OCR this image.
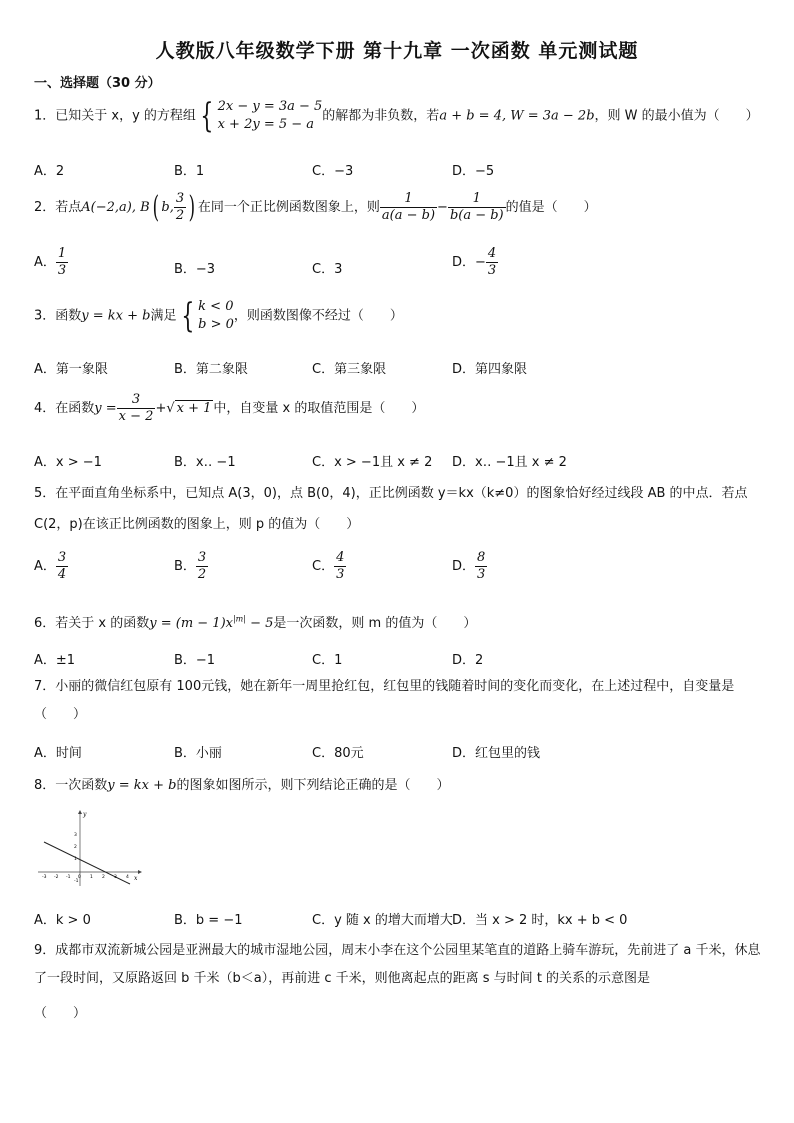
人教版八年级数学下册 第十九章 一次函数 单元测试题
一、选择题（30 分）
1．已知关于 x，y 的方程组 { 2x − y = 3a − 5
x + 2y = 5 − a
的解都为非负数，若a + b = 4, W = 3a − 2b，则 W 的最小值为（　　）
A．2	B．1	C．−3	D．−5
2．若点A(−2,a), B( b, $\frac{3}{2}$ ) 在同一个正比例函数图象上，则 $\frac{1}{a(a - b)} - \frac{1}{b(a - b)}$ 的值是（　　）
A． $\frac{1}{3}$	B．−3	C．3	D．− $\frac{4}{3}$
3．函数y = kx + b满足 { k < 0
b > 0
，则函数图像不经过（　　）
A．第一象限	B．第二象限	C．第三象限	D．第四象限
4．在函数$y = \frac{3}{x - 2}$ +√ x + 1 中，自变量 x 的取值范围是（　　）
A．x > −1	B．x‥ −1	C．x > −1且 x ≠ 2 D．x‥ −1且 x ≠ 2
5．在平面直角坐标系中，已知点 A(3，0)，点 B(0，4)，正比例函数 y＝kx（k≠0）的图象恰好经过线段 AB 的中点．若点
C(2，p)在该正比例函数的图象上，则 p 的值为（　　）
A． $\frac{3}{4}$	B． $\frac{3}{2}$	C． $\frac{4}{3}$	D． $\frac{8}{3}$
6．若关于 x 的函数$y = (m - 1)x^{|m|} - 5$是一次函数，则 m 的值为（　　）
A．±1	B．−1	C．1	D．2
7．小丽的微信红包原有 100元钱，她在新年一周里抢红包，红包里的钱随着时间的变化而变化，在上述过程中，自变量是（　　）
A．时间	B．小丽	C．80元	D．红包里的钱
8．一次函数y = kx + b的图象如图所示，则下列结论正确的是（　　）
x
y
-3 -2 -1 0 1 2 3 4
3
2
1
-1
A．k > 0	B．b = −1	C．y 随 x 的增大而增大 D．当 x > 2 时，kx + b < 0
9．成都市双流新城公园是亚洲最大的城市湿地公园，周末小李在这个公园里某笔直的道路上骑车游玩，先前进了 a 千米，休息了一段时间，又原路返回 b 千米（b＜a），再前进 c 千米，则他离起点的距离 s 与时间 t 的关系的示意图是
（　　）
